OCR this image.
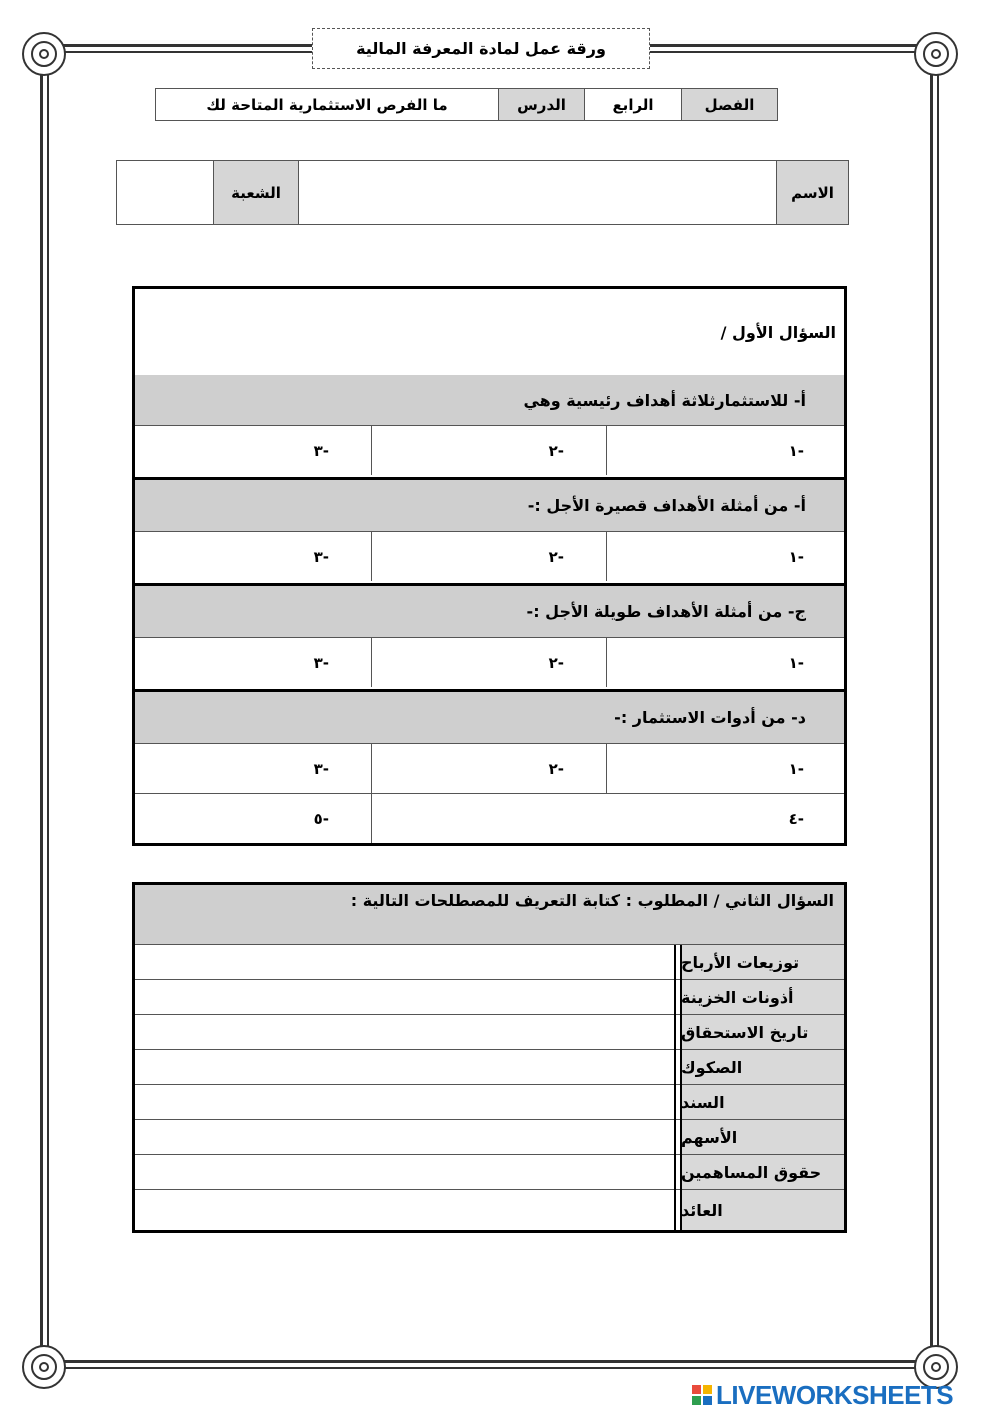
ورقة عمل لمادة المعرفة المالية
الفصل
الرابع
الدرس
ما الفرص الاستثمارية المتاحة لك
الاسم
الشعبة
السؤال الأول /
أ- للاستثمارثلاثة أهداف رئيسية وهي
١-
٢-
٣-
أ- من أمثلة الأهداف قصيرة الأجل :-
١-
٢-
٣-
ج- من أمثلة الأهداف طويلة الأجل :-
١-
٢-
٣-
د- من أدوات الاستثمار :-
١-
٢-
٣-
٤-
٥-
السؤال الثاني / المطلوب : كتابة التعريف للمصطلحات التالية :
توزيعات الأرباح
أذونات الخزينة
تاريخ الاستحقاق
الصكوك
السند
الأسهم
حقوق المساهمين
العائد
LIVEWORKSHEETS
